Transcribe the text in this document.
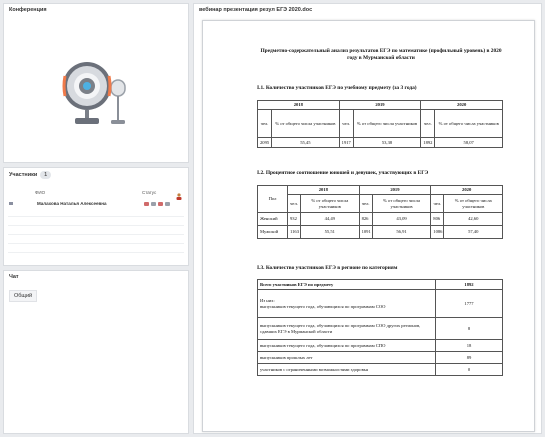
Конференция
Участники	1
ФИО	Статус
Малахова Наталья Алексеевна
Чат
Общий
вебинар презентация резул ЕГЭ 2020.doc
Предметно-содержательный анализ результатов ЕГЭ по математике (профильный уровень) в 2020 году в Мурманской области
І.1. Количество участников ЕГЭ по учебному предмету (за 3 года)
2018		2019		2020	
чел.	% от общего числа участников	чел.	% от общего числа участников	чел.	% от общего числа участников
2095	55,45	1917	53,38	1892	58,07
І.2. Процентное соотношение юношей и девушек, участвующих в ЕГЭ
Пол	2018		2019		2020	
	чел.	% от общего числа участников	чел.	% от общего числа участников	чел.	% от общего числа участников
Женский	932	44,49	826	43,09	806	42,60
Мужской	1163	55,51	1091	56,91	1086	57,40
І.3. Количество участников ЕГЭ в регионе по категориям
Всего участников ЕГЭ по предмету	1892
Из них:
выпускников текущего года, обучающихся по программам СОО	1777
выпускников текущего года, обучающихся по программам СОО других регионов, сдавших ЕГЭ в Мурманской области	8
выпускников текущего года, обучающихся по программам СПО	18
выпускников прошлых лет	89
участников с ограниченными возможностями здоровья	0
